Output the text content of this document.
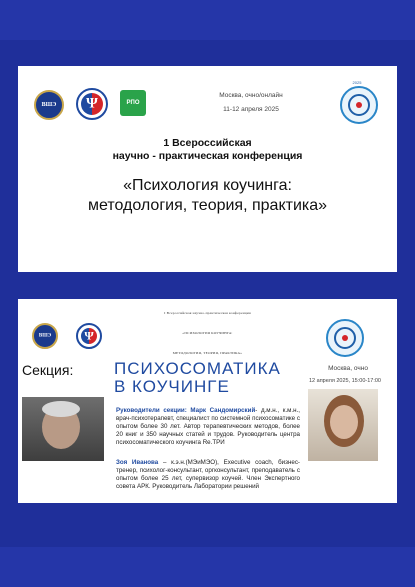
ВШЭ	Ψ	РПО
Москва, очно/онлайн
11-12 апреля 2025
2025
1 Всероссийская
научно - практическая конференция
«Психология коучинга:
методология, теория, практика»
ВШЭ	Ψ
I Всероссийская научно-практическая конференция
«ПСИХОЛОГИЯ КОУЧИНГА:
МЕТОДОЛОГИЯ, ТЕОРИЯ, ПРАКТИКА»
Москва, очно
12 апреля 2025, 15:00-17:00
Секция: ПСИХОСОМАТИКА
В КОУЧИНГЕ
Руководители секции: Марк Сандомирский- д.м.н., к.м.н., врач-психотерапевт, специалист по системной психосоматике с опытом более 30 лет. Автор терапевтических методов, более 20 книг и 350 научных статей и трудов. Руководитель центра психосоматического коучинга Re.TPИ
Зоя Иванова – к.э.н.(МЭиМЭО), Executive coach, бизнес-тренер, психолог-консультант, оргконсультант, преподаватель с опытом более 25 лет, супервизор коучей. Член Экспертного совета АРК. Руководитель Лаборатории решений
